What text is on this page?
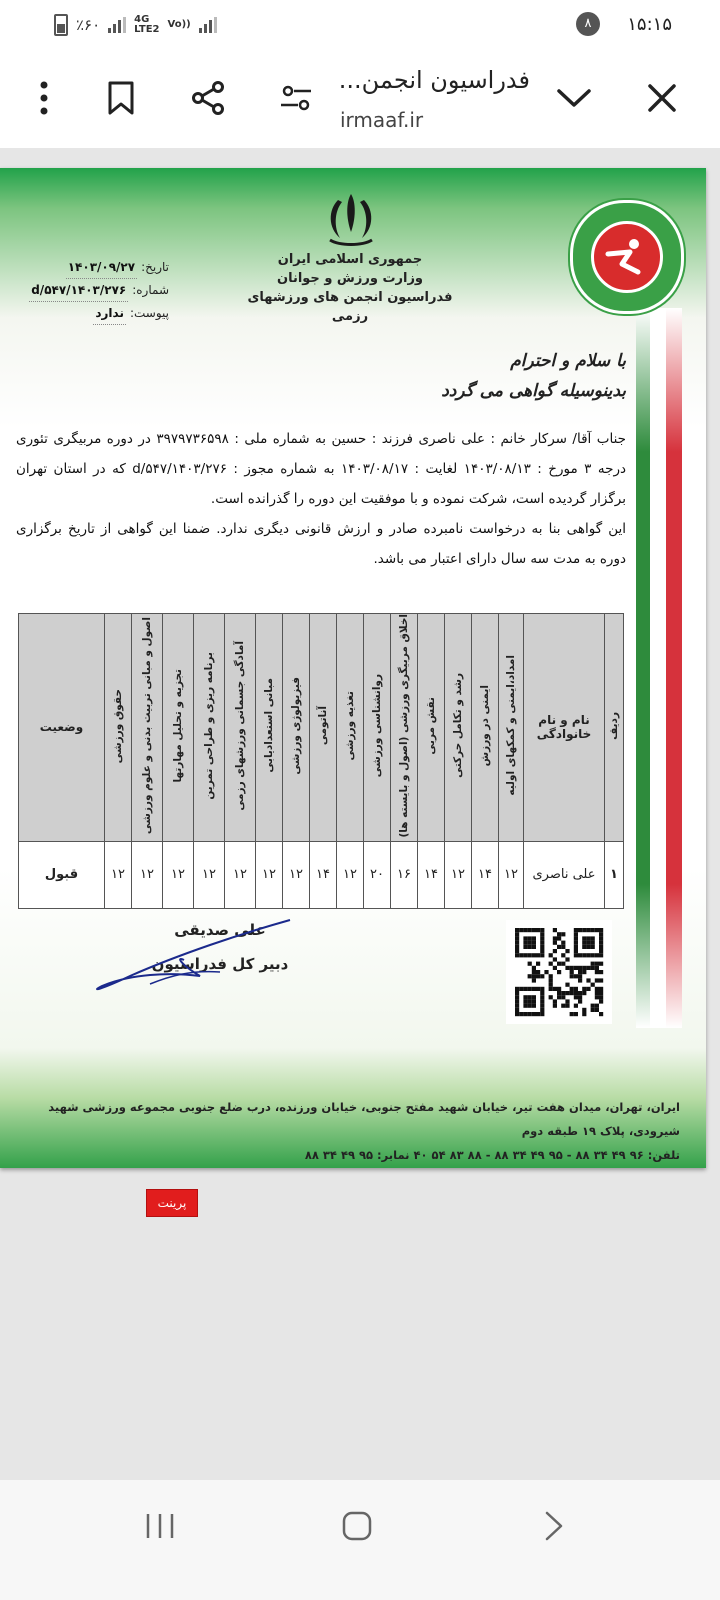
٪۶۰	4G
LTE2 Vo))	۸	۱۵:۱۵
فدراسیون انجمن...
irmaaf.ir
جمهوری اسلامی ایران
وزارت ورزش و جوانان
فدراسیون انجمن های ورزشهای رزمی
تاریخ:
۱۴۰۳/۰۹/۲۷
شماره:
۱۴۰۳/۲۷۶/d/۵۴۷
پیوست:
ندارد
با سلام و احترام
بدینوسیله گواهی می گردد
جناب آقا/ سرکار خانم : علی ناصری فرزند : حسین به شماره ملی : ۳۹۷۹۷۳۶۵۹۸ در دوره مربیگری تئوری درجه ۳ مورخ : ۱۴۰۳/۰۸/۱۳ لغایت : ۱۴۰۳/۰۸/۱۷ به شماره مجوز : ۱۴۰۳/۲۷۶/d/۵۴۷ که در استان تهران برگزار گردیده است، شرکت نموده و با موفقیت این دوره را گذرانده است.
این گواهی بنا به درخواست نامبرده صادر و ارزش قانونی دیگری ندارد. ضمنا این گواهی از تاریخ برگزاری دوره به مدت سه سال دارای اعتبار می باشد.
ردیف	نام و نام خانوادگی	امداد،ایمنی و کمکهای اولیه	ایمنی در ورزش	رشد و تکامل حرکتی	نقش مربی	اخلاق مربیگری ورزشی (اصول و بایسته ها)	روانشناسی ورزشی	تغذیه ورزشی	آناتومی	فیزیولوژی ورزشی	مبانی استعدادیابی	آمادگی جسمانی ورزشهای رزمی	برنامه ریزی و طراحی تمرین	تجزیه و تحلیل مهارتها	اصول و مبانی تربیت بدنی و علوم ورزشی	حقوق ورزشی	وضعیت
۱	علی ناصری	۱۲	۱۴	۱۲	۱۴	۱۶	۲۰	۱۲	۱۴	۱۲	۱۲	۱۲	۱۲	۱۲	۱۲	۱۲	قبول
علی صدیقی
دبیر کل فدراسیون
ایران، تهران، میدان هفت تیر، خیابان شهید مفتح جنوبی، خیابان ورزنده، درب ضلع جنوبی مجموعه ورزشی شهید شیرودی، پلاک ۱۹ طبقه دوم
تلفن: ۹۶ ۴۹ ۳۴ ۸۸ - ۹۵ ۴۹ ۳۴ ۸۸ - ۸۸ ۸۳ ۵۴ ۴۰ نمابر: ۹۵ ۴۹ ۳۴ ۸۸
پرینت
